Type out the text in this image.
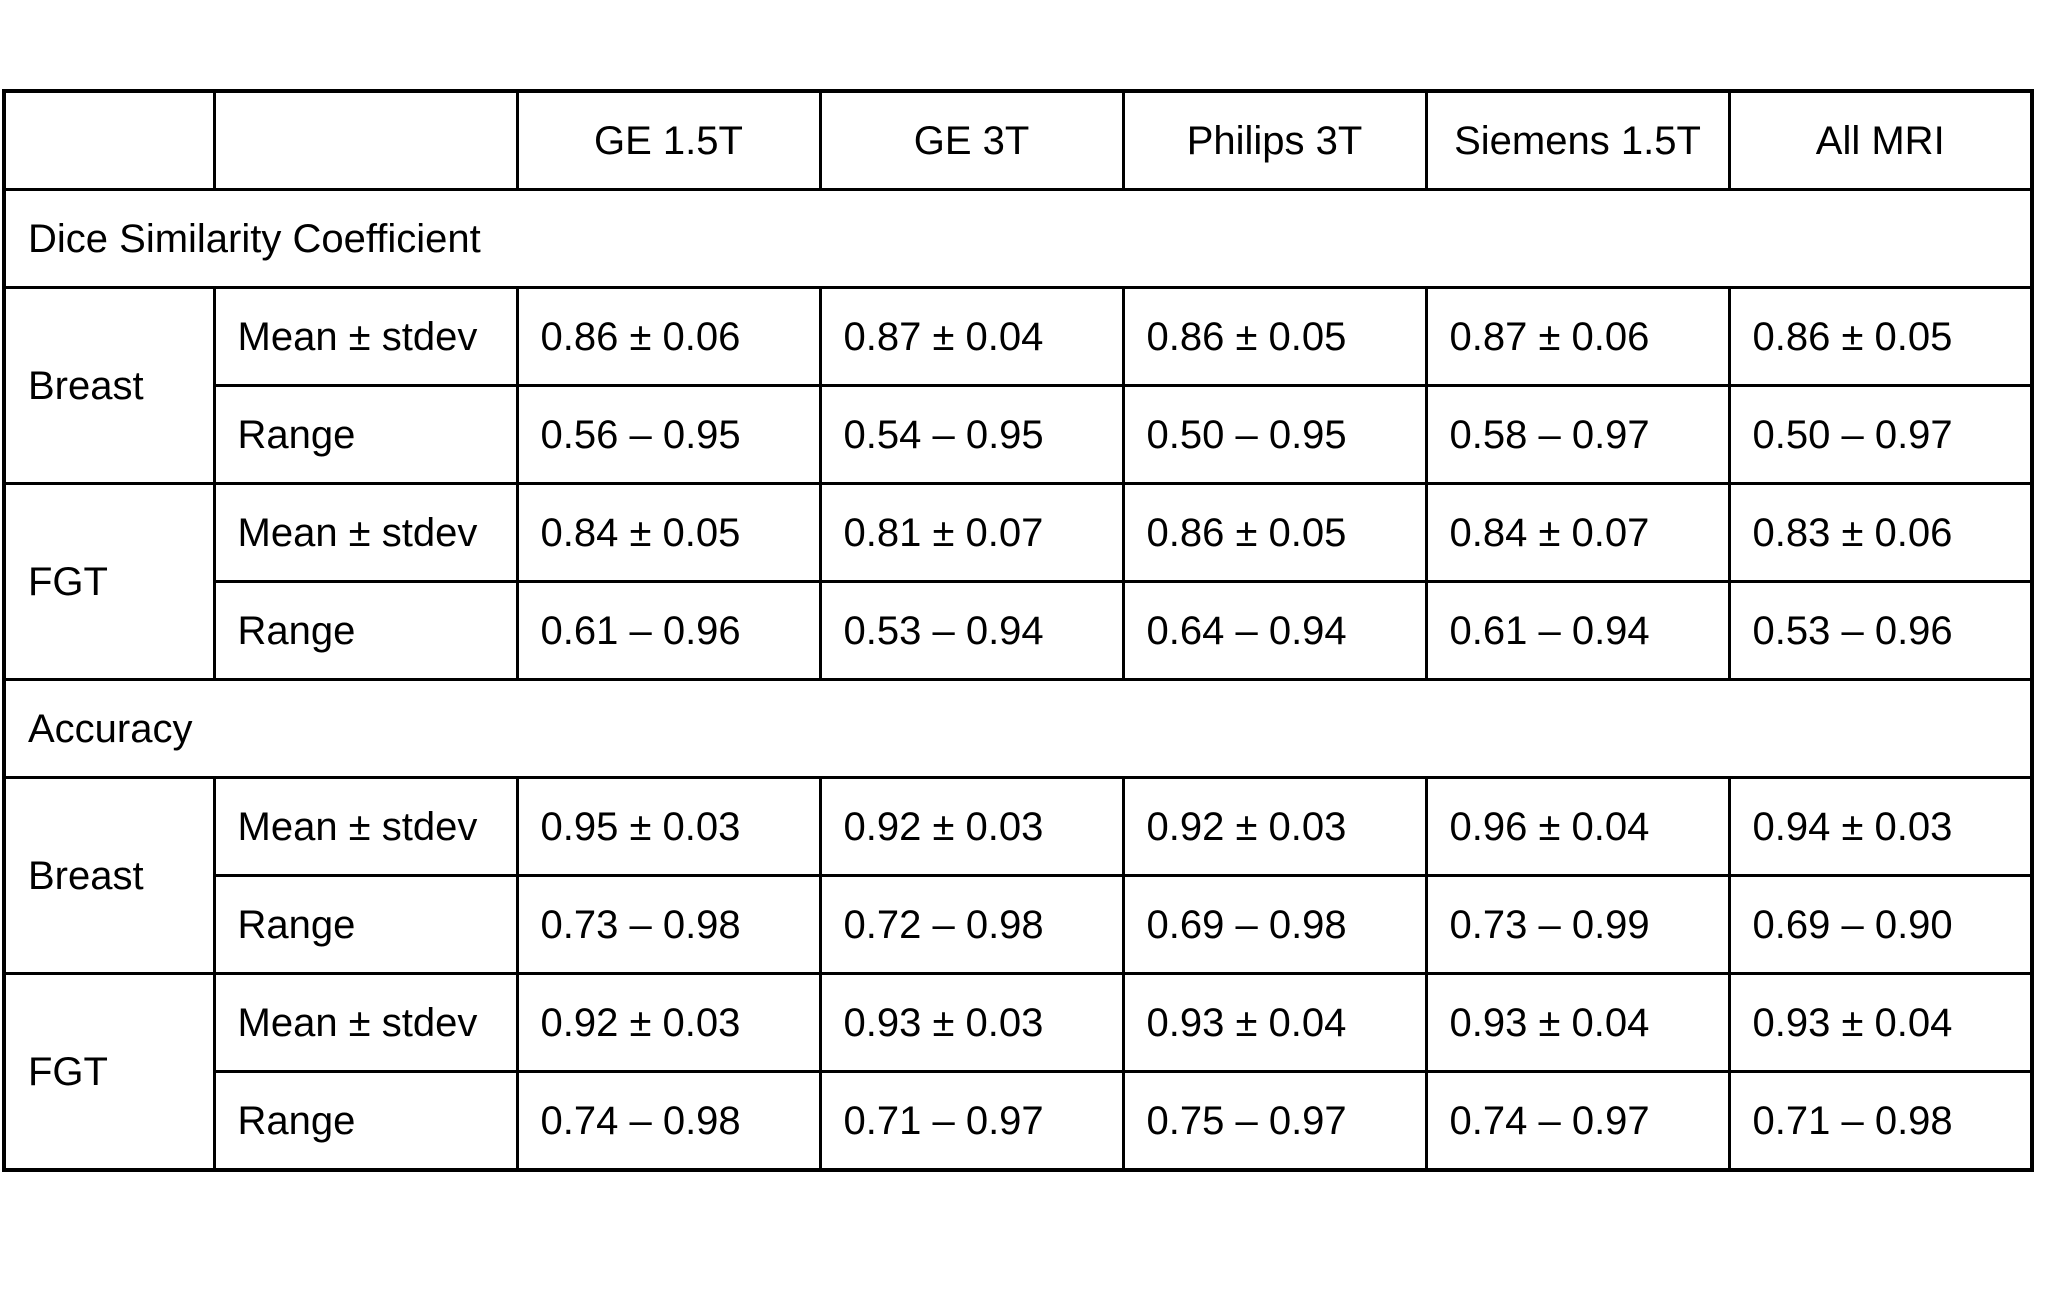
		GE 1.5T	GE 3T	Philips 3T	Siemens 1.5T	All MRI
Dice Similarity Coefficient						
Breast	Mean ± stdev	0.86 ± 0.06	0.87 ± 0.04	0.86 ± 0.05	0.87 ± 0.06	0.86 ± 0.05
	Range	0.56 – 0.95	0.54 – 0.95	0.50 – 0.95	0.58 – 0.97	0.50 – 0.97
FGT	Mean ± stdev	0.84 ± 0.05	0.81 ± 0.07	0.86 ± 0.05	0.84 ± 0.07	0.83 ± 0.06
	Range	0.61 – 0.96	0.53 – 0.94	0.64 – 0.94	0.61 – 0.94	0.53 – 0.96
Accuracy						
Breast	Mean ± stdev	0.95 ± 0.03	0.92 ± 0.03	0.92 ± 0.03	0.96 ± 0.04	0.94 ± 0.03
	Range	0.73 – 0.98	0.72 – 0.98	0.69 – 0.98	0.73 – 0.99	0.69 – 0.90
FGT	Mean ± stdev	0.92 ± 0.03	0.93 ± 0.03	0.93 ± 0.04	0.93 ± 0.04	0.93 ± 0.04
	Range	0.74 – 0.98	0.71 – 0.97	0.75 – 0.97	0.74 – 0.97	0.71 – 0.98
